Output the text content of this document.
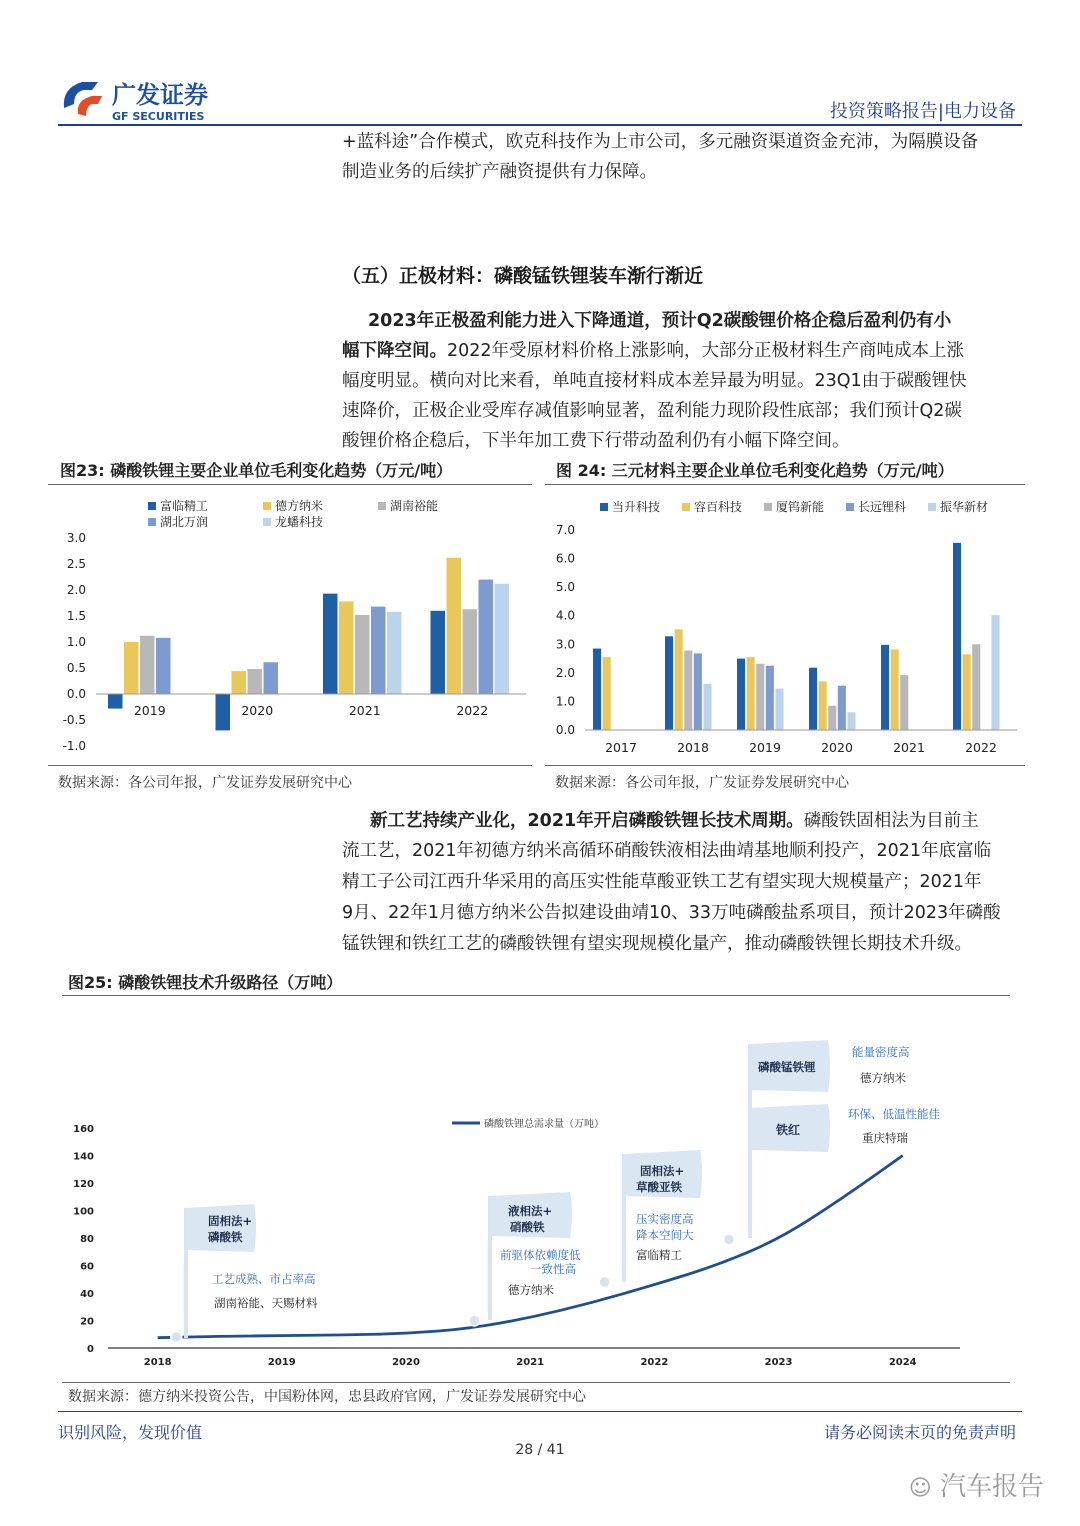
广发证券
GF SECURITIES	投资策略报告|电力设备
+蓝科途”合作模式，欧克科技作为上市公司，多元融资渠道资金充沛，为隔膜设备
制造业务的后续扩产融资提供有力保障。
（五）正极材料：磷酸锰铁锂装车渐行渐近
2023年正极盈利能力进入下降通道，预计Q2碳酸锂价格企稳后盈利仍有小
幅下降空间。2022年受原材料价格上涨影响，大部分正极材料生产商吨成本上涨
幅度明显。横向对比来看，单吨直接材料成本差异最为明显。23Q1由于碳酸锂快
速降价，正极企业受库存减值影响显著，盈利能力现阶段性底部；我们预计Q2碳
酸锂价格企稳后，下半年加工费下行带动盈利仍有小幅下降空间。
图23: 磷酸铁锂主要企业单位毛利变化趋势（万元/吨）	图 24: 三元材料主要企业单位毛利变化趋势（万元/吨）
3.0
2.5
2.0
1.5
1.0
0.5
0.0
-0.5
-1.0
富临精工	德方纳米	湖南裕能
湖北万润	龙蟠科技
2019	2020	2021	2022
数据来源：各公司年报，广发证券发展研究中心
7.0
6.0
5.0
4.0
3.0
2.0
1.0
0.0
当升科技	容百科技	厦钨新能	长远锂科	振华新材
2017	2018	2019	2020	2021	2022
数据来源：各公司年报，广发证券发展研究中心
新工艺持续产业化，2021年开启磷酸铁锂长技术周期。磷酸铁固相法为目前主
流工艺，2021年初德方纳米高循环硝酸铁液相法曲靖基地顺利投产，2021年底富临
精工子公司江西升华采用的高压实性能草酸亚铁工艺有望实现大规模量产；2021年
9月、22年1月德方纳米公告拟建设曲靖10、33万吨磷酸盐系项目，预计2023年磷酸
锰铁锂和铁红工艺的磷酸铁锂有望实现规模化量产，推动磷酸铁锂长期技术升级。
图25: 磷酸铁锂技术升级路径（万吨）
0
20
40
60
80
100
120
140
160
2018	2019	2020	2021	2022	2023	2024
磷酸铁锂总需求量（万吨）
固相法+
磷酸铁
工艺成熟、市占率高
湖南裕能、天赐材料
液相法+
硝酸铁
前驱体依赖度低
一致性高
德方纳米
固相法+
草酸亚铁
压实密度高
降本空间大
富临精工
铁红
环保、低温性能佳
重庆特瑞
磷酸锰铁锂
能量密度高
德方纳米
数据来源：德方纳米投资公告，中国粉体网，忠县政府官网，广发证券发展研究中心
识别风险，发现价值	请务必阅读末页的免责声明
28 / 41
☺ 汽车报告
